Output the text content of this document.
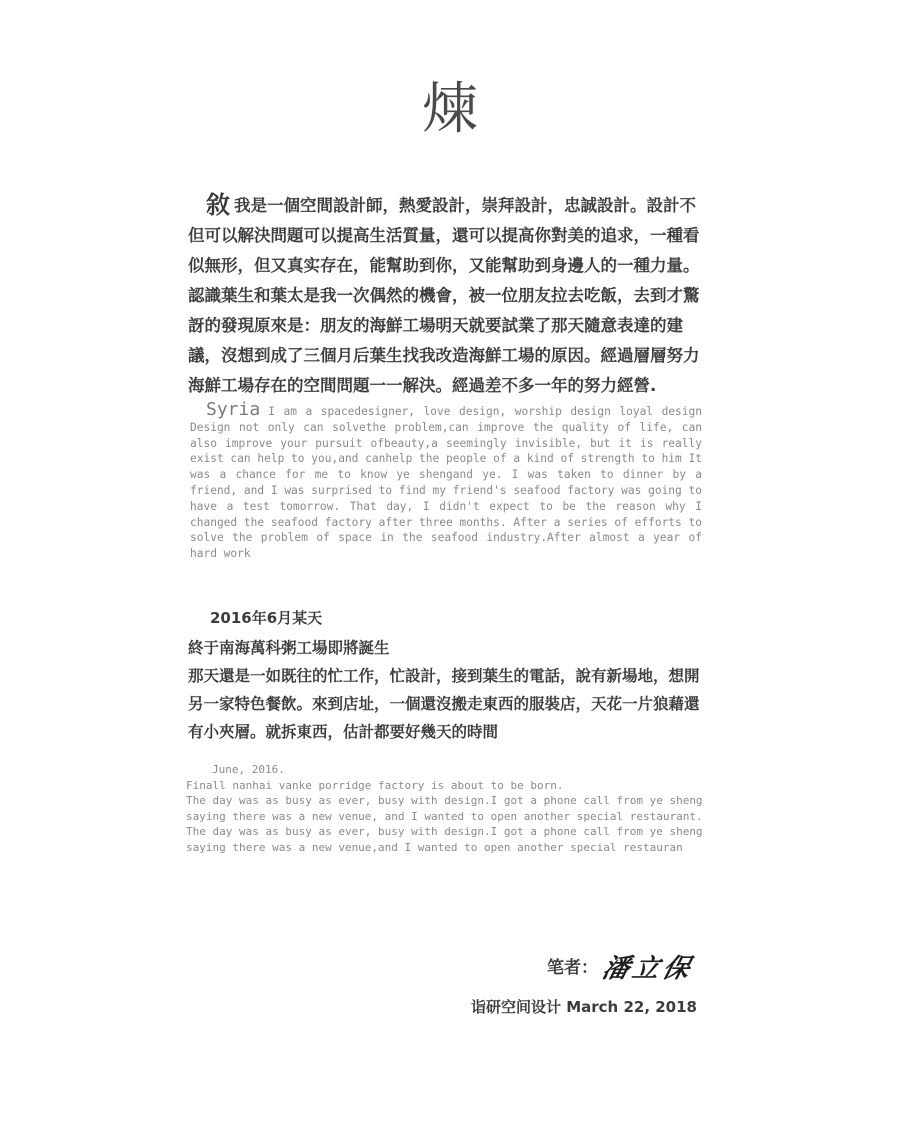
煉
敘 我是一個空間設計師，熱愛設計，崇拜設計，忠誠設計。設計不但可以解決問題可以提高生活質量，還可以提高你對美的追求，一種看似無形，但又真实存在，能幫助到你，又能幫助到身邊人的一種力量。認識葉生和葉太是我一次偶然的機會，被一位朋友拉去吃飯，去到才驚訝的發現原來是：朋友的海鮮工場明天就要試業了那天隨意表達的建議，沒想到成了三個月后葉生找我改造海鮮工場的原因。經過層層努力海鮮工場存在的空間問題一一解決。經過差不多一年的努力經營.
Syria I am a spacedesigner, love design, worship design loyal design Design not only can solvethe problem,can improve the quality of life, can also improve your pursuit ofbeauty,a seemingly invisible, but it is really exist can help to you,and canhelp the people of a kind of strength to him It was a chance for me to know ye shengand ye. I was taken to dinner by a friend, and I was surprised to find my friend's seafood factory was going to have a test tomorrow. That day, I didn't expect to be the reason why I changed the seafood factory after three months. After a series of efforts to solve the problem of space in the seafood industry.After almost a year of hard work
2016年6月某天
終于南海萬科粥工場即將誕生
那天還是一如既往的忙工作，忙設計，接到葉生的電話，說有新場地，想開另一家特色餐飲。來到店址，一個還沒搬走東西的服裝店，天花一片狼藉還有小夾層。就拆東西，估計都要好幾天的時間
June, 2016.
Finall nanhai vanke porridge factory is about to be born.
The day was as busy as ever, busy with design.I got a phone call from ye sheng
saying there was a new venue, and I wanted to open another special restaurant.
The day was as busy as ever, busy with design.I got a phone call from ye sheng
saying there was a new venue,and I wanted to open another special restauran
笔者： 潘立保
诣研空间设计 March 22, 2018
